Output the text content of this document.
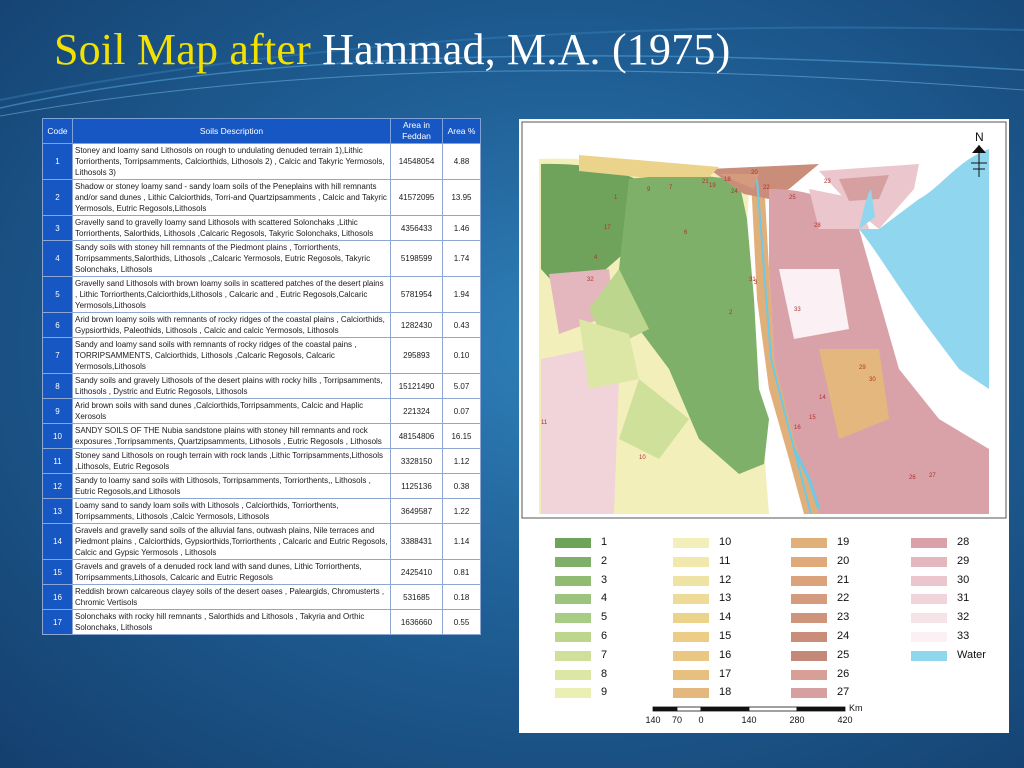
Soil Map after Hammad, M.A. (1975)
Code	Soils Description	Area in Feddan	Area %
1	Stoney and loamy sand Lithosols on rough to undulating denuded terrain 1),Lithic Torriorthents, Torripsamments, Calciorthids, Lithosols 2) , Calcic and Takyric Yermosols, Lithosols 3)	14548054	4.88
2	Shadow or stoney loamy sand - sandy loam soils of the Peneplains with hill remnants and/or sand dunes , Lithic Calciorthids, Torri-and Quartzipsamments , Calcic and Takyric Yermosols, Eutric Regosols,Lithosols	41572095	13.95
3	Gravelly sand to gravelly loamy sand Lithosols with scattered Solonchaks ,Lithic Torriorthents, Salorthids, Lithosols ,Calcaric Regosols, Takyric Solonchaks, Lithosols	4356433	1.46
4	Sandy soils with stoney hill remnants of the Piedmont plains , Torriorthents, Torripsamments,Salorthids, Lithosols ,,Calcaric Yermosols, Eutric Regosols, Takyric Solonchaks, Lithosols	5198599	1.74
5	Gravelly sand Lithosols with brown loamy soils in scattered patches of the desert plains , Lithic Torriorthents,Calciorthids,Lithosols , Calcaric and , Eutric Regosols,Calcaric Yermosols,Lithosols	5781954	1.94
6	Arid brown loamy soils with remnants of rocky ridges of the coastal plains , Calciorthids, Gypsiorthids, Paleothids, Lithosols , Calcic and calcic Yermosols, Lithosols	1282430	0.43
7	Sandy and loamy sand soils with remnants of rocky ridges of the coastal pains , TORRIPSAMMENTS, Calciorthids, Lithosols ,Calcaric Regosols, Calcaric Yermosols,Lithosols	295893	0.10
8	Sandy soils and gravely Lithosols of the desert plains with rocky hills , Torripsamments, Lithosols , Dystric and Eutric Regosols, Lithosols	15121490	5.07
9	Arid brown soils with sand dunes ,Calciorthids,Torripsamments, Calcic and Haplic Xerosols	221324	0.07
10	SANDY SOILS OF THE Nubia sandstone plains with stoney hill remnants and rock exposures ,Torripsamments, Quartzipsamments, Lithosols , Eutric Regosols , Lithosols	48154806	16.15
11	Stoney sand Lithosols on rough terrain with rock lands ,Lithic Torripsamments,Lithosols ,Lithosols, Eutric Regosols	3328150	1.12
12	Sandy to loamy sand soils with Lithosols, Torripsamments, Torriorthents,, Lithosols , Eutric Regosols,and Lithosols	1125136	0.38
13	Loamy sand to sandy loam soils with Lithosols , Calciorthids, Torriorthents, Torripsamments, Lithosols ,Calcic Yermosols, Lithosols	3649587	1.22
14	Gravels and gravelly sand soils of the alluvial fans, outwash plains, Nile terraces and Piedmont plains , Calciorthids, Gypsiorthids,Torriorthents , Calcaric and Eutric Regosols, Calcic and Gypsic Yermosols , Lithosols	3388431	1.14
15	Gravels and gravels of a denuded rock land with sand dunes, Lithic Torriorthents, Torripsamments,Lithosols, Calcaric and Eutric Regosols	2425410	0.81
16	Reddish brown calcareous clayey soils of the desert oases , Paleargids, Chromusterts , Chromic Vertisols	531685	0.18
17	Solonchaks with rocky hill remnants , Salorthids and Lithosols , Takyria and Orthic Solonchaks, Lithosols	1636660	0.55
N
1
2
3
4
6
7
9
10
11
14
15
16
17
18
19
20
21
22
23
24
25
26 27
28
29
30
31
32
33
1
2
3
4
5
6
7
8
9
10
11
12
13
14
15
16
17
18
19
20
21
22
23
24
25
26
27
28
29
30
31
32
33
Water
140 70 0	140	280	420
Km
